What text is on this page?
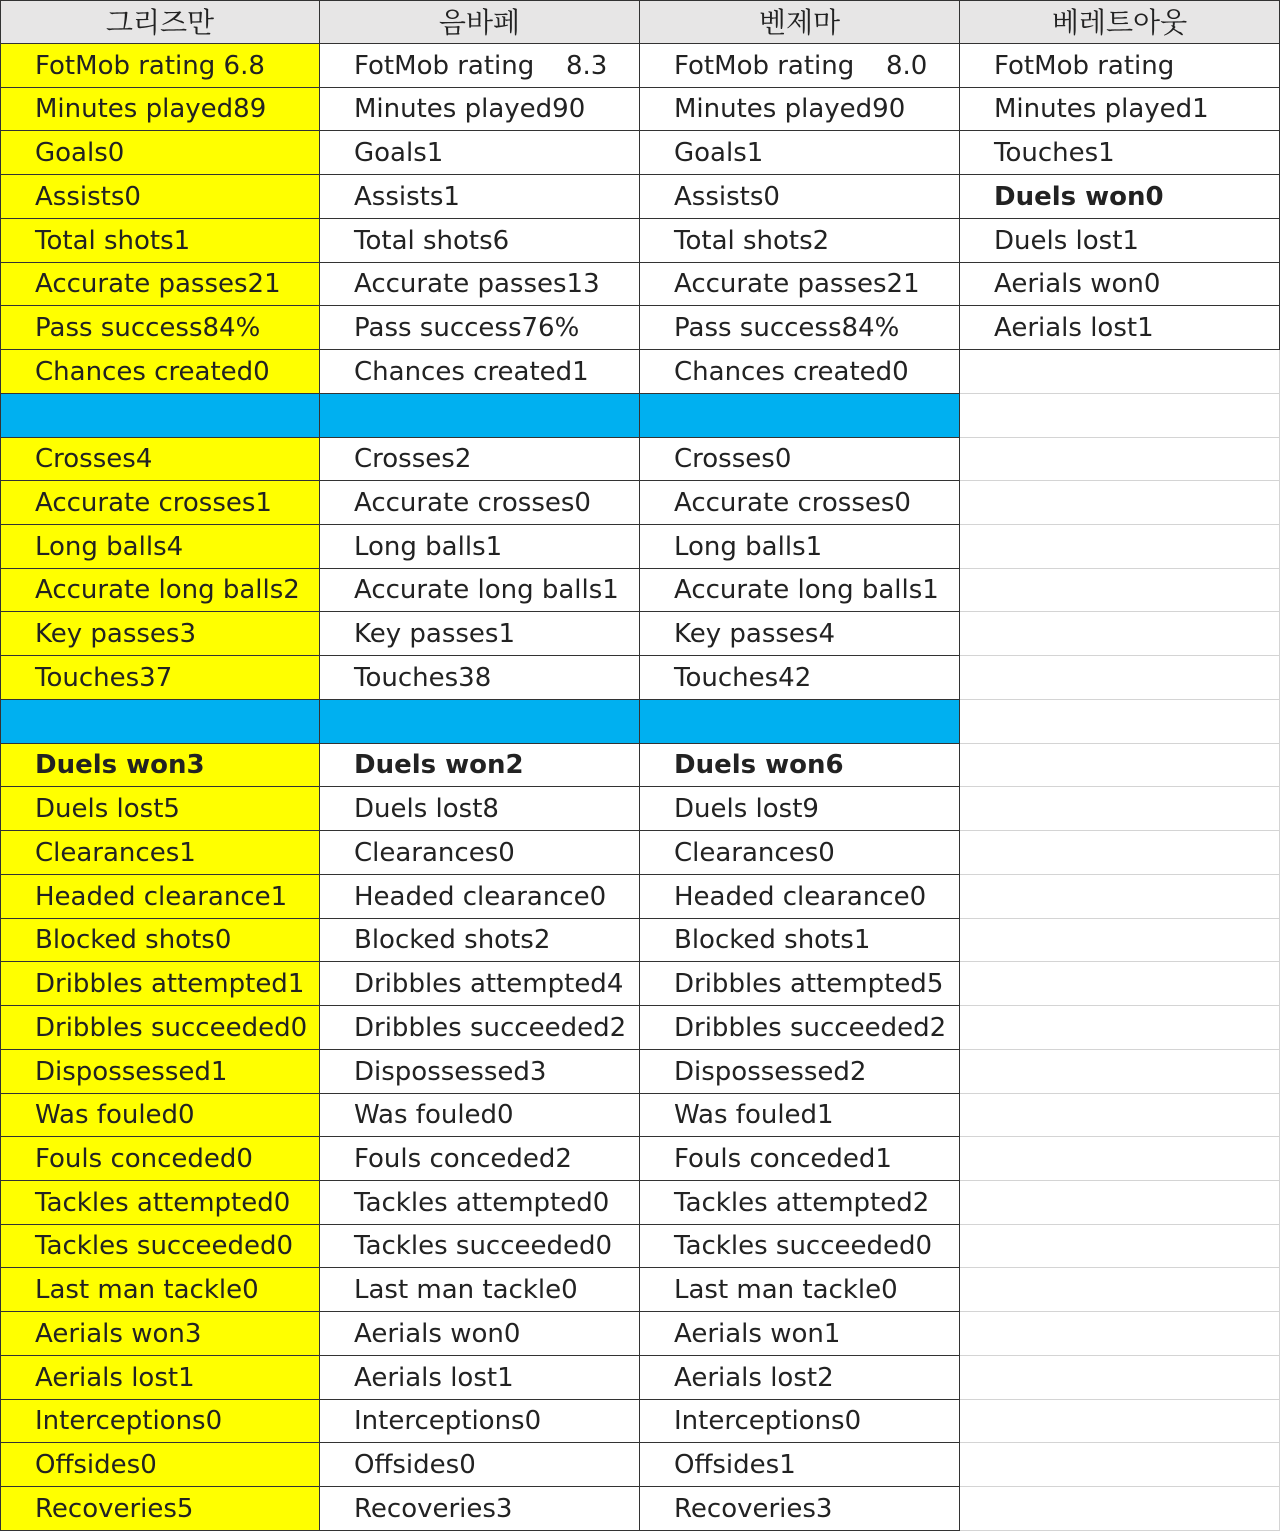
그리즈만
FotMob rating 6.8
Minutes played89
Goals0
Assists0
Total shots1
Accurate passes21
Pass success84%
Chances created0
Crosses4
Accurate crosses1
Long balls4
Accurate long balls2
Key passes3
Touches37
Duels won3
Duels lost5
Clearances1
Headed clearance1
Blocked shots0
Dribbles attempted1
Dribbles succeeded0
Dispossessed1
Was fouled0
Fouls conceded0
Tackles attempted0
Tackles succeeded0
Last man tackle0
Aerials won3
Aerials lost1
Interceptions0
Offsides0
Recoveries5
음바페
FotMob rating 8.3
Minutes played90
Goals1
Assists1
Total shots6
Accurate passes13
Pass success76%
Chances created1
Crosses2
Accurate crosses0
Long balls1
Accurate long balls1
Key passes1
Touches38
Duels won2
Duels lost8
Clearances0
Headed clearance0
Blocked shots2
Dribbles attempted4
Dribbles succeeded2
Dispossessed3
Was fouled0
Fouls conceded2
Tackles attempted0
Tackles succeeded0
Last man tackle0
Aerials won0
Aerials lost1
Interceptions0
Offsides0
Recoveries3
벤제마
FotMob rating 8.0
Minutes played90
Goals1
Assists0
Total shots2
Accurate passes21
Pass success84%
Chances created0
Crosses0
Accurate crosses0
Long balls1
Accurate long balls1
Key passes4
Touches42
Duels won6
Duels lost9
Clearances0
Headed clearance0
Blocked shots1
Dribbles attempted5
Dribbles succeeded2
Dispossessed2
Was fouled1
Fouls conceded1
Tackles attempted2
Tackles succeeded0
Last man tackle0
Aerials won1
Aerials lost2
Interceptions0
Offsides1
Recoveries3
베레트아웃
FotMob rating
Minutes played1
Touches1
Duels won0
Duels lost1
Aerials won0
Aerials lost1
